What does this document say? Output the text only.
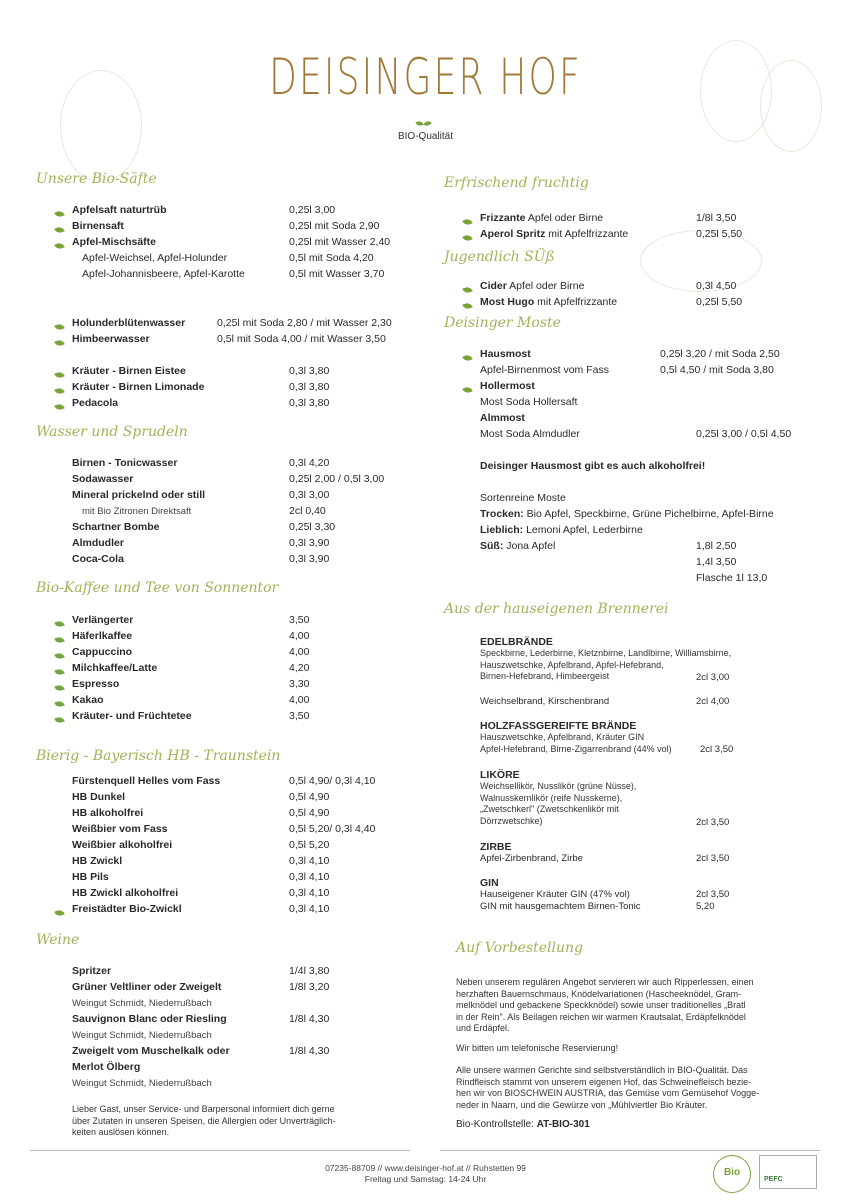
DEISINGER HOF
BIO-Qualität
Unsere Bio-Säfte
Apfelsaft naturtrüb	0,25l 3,00
Birnensaft	0,25l mit Soda 2,90
Apfel-Mischsäfte	0,25l mit Wasser 2,40
Apfel-Weichsel, Apfel-Holunder	0,5l mit Soda 4,20
Apfel-Johannisbeere, Apfel-Karotte	0,5l mit Wasser 3,70
Holunderblütenwasser	0,25l mit Soda 2,80 / mit Wasser 2,30
Himbeerwasser	0,5l mit Soda 4,00 / mit Wasser 3,50
Kräuter - Birnen Eistee	0,3l 3,80
Kräuter - Birnen Limonade	0,3l 3,80
Pedacola	0,3l 3,80
Wasser und Sprudeln
Birnen - Tonicwasser	0,3l 4,20
Sodawasser	0,25l 2,00 / 0,5l 3,00
Mineral prickelnd oder still	0,3l 3,00
mit Bio Zitronen Direktsaft	2cl 0,40
Schartner Bombe	0,25l 3,30
Almdudler	0,3l 3,90
Coca-Cola	0,3l 3,90
Bio-Kaffee und Tee von Sonnentor
Verlängerter	3,50
Häferlkaffee	4,00
Cappuccino	4,00
Milchkaffee/Latte	4,20
Espresso	3,30
Kakao	4,00
Kräuter- und Früchtetee	3,50
Bierig - Bayerisch HB - Traunstein
Fürstenquell Helles vom Fass	0,5l 4,90/ 0,3l 4,10
HB Dunkel	0,5l 4,90
HB alkoholfrei	0,5l 4,90
Weißbier vom Fass	0,5l 5,20/ 0,3l 4,40
Weißbier alkoholfrei	0,5l 5,20
HB Zwickl	0,3l 4,10
HB Pils	0,3l 4,10
HB Zwickl alkoholfrei	0,3l 4,10
Freistädter Bio-Zwickl	0,3l 4,10
Weine
Spritzer	1/4l 3,80
Grüner Veltliner oder Zweigelt	1/8l 3,20
Weingut Schmidt, Niederrußbach
Sauvignon Blanc oder Riesling	1/8l 4,30
Weingut Schmidt, Niederrußbach
Zweigelt vom Muschelkalk oder	1/8l 4,30
Merlot Ölberg
Weingut Schmidt, Niederrußbach
Lieber Gast, unser Service- und Barpersonal informiert dich gerne
über Zutaten in unseren Speisen, die Allergien oder Unverträglich-
keiten auslösen können.
Erfrischend fruchtig
Frizzante Apfel oder Birne	1/8l 3,50
Aperol Spritz mit Apfelfrizzante	0,25l 5,50
Jugendlich SÜß
Cider Apfel oder Birne	0,3l 4,50
Most Hugo mit Apfelfrizzante	0,25l 5,50
Deisinger Moste
Hausmost	0,25l 3,20 / mit Soda 2,50
Apfel-Birnenmost vom Fass	0,5l 4,50 / mit Soda 3,80
Hollermost
Most Soda Hollersaft
Almmost
Most Soda Almdudler	0,25l 3,00 / 0,5l 4,50
Deisinger Hausmost gibt es auch alkoholfrei!
Sortenreine Moste
Trocken: Bio Apfel, Speckbirne, Grüne Pichelbirne, Apfel-Birne
Lieblich: Lemoni Apfel, Lederbirne
Süß: Jona Apfel	1,8l 2,50
1,4l 3,50
Flasche 1l 13,0
Aus der hauseigenen Brennerei
EDELBRÄNDE
Speckbirne, Lederbirne, Kletznbirne, Landlbirne, Williamsbirne,
Hauszwetschke, Apfelbrand, Apfel-Hefebrand,
Birnen-Hefebrand, Himbeergeist	2cl 3,00
Weichselbrand, Kirschenbrand	2cl 4,00
HOLZFASSGEREIFTE BRÄNDE
Hauszwetschke, Apfelbrand, Kräuter GIN
Apfel-Hefebrand, Birne-Zigarrenbrand (44% vol)	2cl 3,50
LIKÖRE
Weichsellikör, Nusslikör (grüne Nüsse),
Walnusskernlikör (reife Nusskerne),
„Zwetschkerl" (Zwetschkenlikör mit
Dörrzwetschke)	2cl 3,50
ZIRBE
Apfel-Zirbenbrand, Zirbe	2cl 3,50
GIN
Hauseigener Kräuter GIN (47% vol)	2cl 3,50
GIN mit hausgemachtem Birnen-Tonic	5,20
Auf Vorbestellung
Neben unserem regulären Angebot servieren wir auch Ripperlessen, einen
herzhaften Bauernschmaus, Knödelvariationen (Hascheeknödel, Gram-
melknödel und gebackene Speckknödel) sowie unser traditionelles „Bratl
in der Rein". Als Beilagen reichen wir warmen Krautsalat, Erdäpfelknödel
und Erdäpfel.
Wir bitten um telefonische Reservierung!
Alle unsere warmen Gerichte sind selbstverständlich in BIO-Qualität. Das
Rindfleisch stammt von unserem eigenen Hof, das Schweinefleisch bezie-
hen wir von BIOSCHWEIN AUSTRIA, das Gemüse vom Gemüsehof Vogge-
neder in Naarn, und die Gewürze von „Mühlviertler Bio Kräuter.
Bio-Kontrollstelle: AT-BIO-301
07235-88709 // www.deisinger-hof.at // Ruhstetten 99
Freitag und Samstag: 14-24 Uhr
Bio
PEFC
